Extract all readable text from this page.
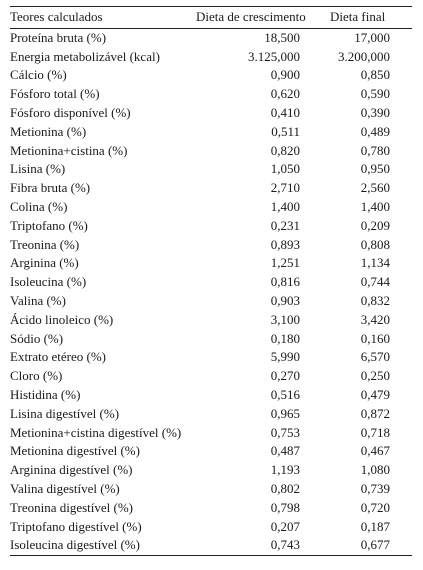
Teores calculados	Dieta de crescimento	Dieta final
Proteína bruta (%)	18,500	17,000
Energia metabolizável (kcal)	3.125,000	3.200,000
Cálcio (%)	0,900	0,850
Fósforo total (%)	0,620	0,590
Fósforo disponível (%)	0,410	0,390
Metionina (%)	0,511	0,489
Metionina+cistina (%)	0,820	0,780
Lisina (%)	1,050	0,950
Fibra bruta (%)	2,710	2,560
Colina (%)	1,400	1,400
Triptofano (%)	0,231	0,209
Treonina (%)	0,893	0,808
Arginina (%)	1,251	1,134
Isoleucina (%)	0,816	0,744
Valina (%)	0,903	0,832
Ácido linoleico (%)	3,100	3,420
Sódio (%)	0,180	0,160
Extrato etéreo (%)	5,990	6,570
Cloro (%)	0,270	0,250
Histidina (%)	0,516	0,479
Lisina digestível (%)	0,965	0,872
Metionina+cistina digestível (%)	0,753	0,718
Metionina digestível (%)	0,487	0,467
Arginina digestível (%)	1,193	1,080
Valina digestível (%)	0,802	0,739
Treonina digestível (%)	0,798	0,720
Triptofano digestível (%)	0,207	0,187
Isoleucina digestível (%)	0,743	0,677
